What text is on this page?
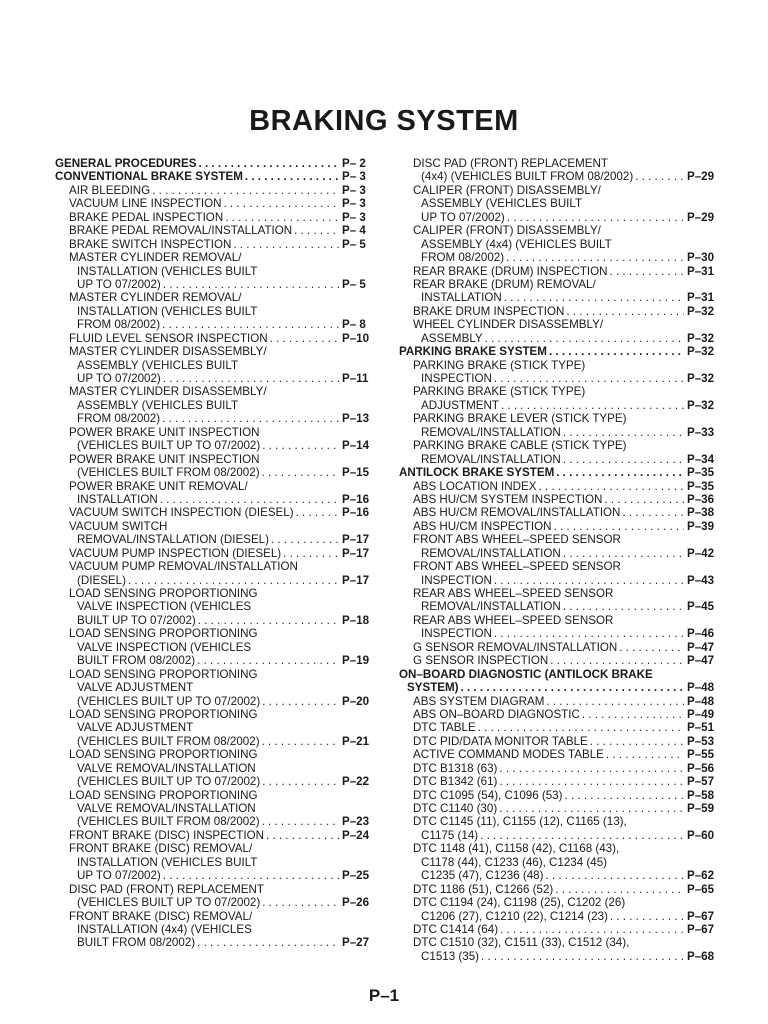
BRAKING SYSTEM
GENERAL PROCEDURES . . .	P– 2
CONVENTIONAL BRAKE SYSTEM . . .	P– 3
AIR BLEEDING . . .	P– 3
VACUUM LINE INSPECTION . . .	P– 3
BRAKE PEDAL INSPECTION . . .	P– 3
BRAKE PEDAL REMOVAL/INSTALLATION . . .	P– 4
BRAKE SWITCH INSPECTION . . .	P– 5
MASTER CYLINDER REMOVAL/
INSTALLATION (VEHICLES BUILT
UP TO 07/2002) . . .	P– 5
MASTER CYLINDER REMOVAL/
INSTALLATION (VEHICLES BUILT
FROM 08/2002) . . .	P– 8
FLUID LEVEL SENSOR INSPECTION . . .	P–10
MASTER CYLINDER DISASSEMBLY/
ASSEMBLY (VEHICLES BUILT
UP TO 07/2002) . . .	P–11
MASTER CYLINDER DISASSEMBLY/
ASSEMBLY (VEHICLES BUILT
FROM 08/2002) . . .	P–13
POWER BRAKE UNIT INSPECTION
(VEHICLES BUILT UP TO 07/2002) . . .	P–14
POWER BRAKE UNIT INSPECTION
(VEHICLES BUILT FROM 08/2002) . . .	P–15
POWER BRAKE UNIT REMOVAL/
INSTALLATION . . .	P–16
VACUUM SWITCH INSPECTION (DIESEL) . . .	P–16
VACUUM SWITCH
REMOVAL/INSTALLATION (DIESEL) . . .	P–17
VACUUM PUMP INSPECTION (DIESEL) . . .	P–17
VACUUM PUMP REMOVAL/INSTALLATION
(DIESEL) . . .	P–17
LOAD SENSING PROPORTIONING
VALVE INSPECTION (VEHICLES
BUILT UP TO 07/2002) . . .	P–18
LOAD SENSING PROPORTIONING
VALVE INSPECTION (VEHICLES
BUILT FROM 08/2002) . . .	P–19
LOAD SENSING PROPORTIONING
VALVE ADJUSTMENT
(VEHICLES BUILT UP TO 07/2002) . . .	P–20
LOAD SENSING PROPORTIONING
VALVE ADJUSTMENT
(VEHICLES BUILT FROM 08/2002) . . .	P–21
LOAD SENSING PROPORTIONING
VALVE REMOVAL/INSTALLATION
(VEHICLES BUILT UP TO 07/2002) . . .	P–22
LOAD SENSING PROPORTIONING
VALVE REMOVAL/INSTALLATION
(VEHICLES BUILT FROM 08/2002) . . .	P–23
FRONT BRAKE (DISC) INSPECTION . . .	P–24
FRONT BRAKE (DISC) REMOVAL/
INSTALLATION (VEHICLES BUILT
UP TO 07/2002) . . .	P–25
DISC PAD (FRONT) REPLACEMENT
(VEHICLES BUILT UP TO 07/2002) . . .	P–26
FRONT BRAKE (DISC) REMOVAL/
INSTALLATION (4x4) (VEHICLES
BUILT FROM 08/2002) . . .	P–27
DISC PAD (FRONT) REPLACEMENT
(4x4) (VEHICLES BUILT FROM 08/2002) . . .	P–29
CALIPER (FRONT) DISASSEMBLY/
ASSEMBLY (VEHICLES BUILT
UP TO 07/2002) . . .	P–29
CALIPER (FRONT) DISASSEMBLY/
ASSEMBLY (4x4) (VEHICLES BUILT
FROM 08/2002) . . .	P–30
REAR BRAKE (DRUM) INSPECTION . . .	P–31
REAR BRAKE (DRUM) REMOVAL/
INSTALLATION . . .	P–31
BRAKE DRUM INSPECTION . . .	P–32
WHEEL CYLINDER DISASSEMBLY/
ASSEMBLY . . .	P–32
PARKING BRAKE SYSTEM . . .	P–32
PARKING BRAKE (STICK TYPE)
INSPECTION . . .	P–32
PARKING BRAKE (STICK TYPE)
ADJUSTMENT . . .	P–32
PARKING BRAKE LEVER (STICK TYPE)
REMOVAL/INSTALLATION . . .	P–33
PARKING BRAKE CABLE (STICK TYPE)
REMOVAL/INSTALLATION . . .	P–34
ANTILOCK BRAKE SYSTEM . . .	P–35
ABS LOCATION INDEX . . .	P–35
ABS HU/CM SYSTEM INSPECTION . . .	P–36
ABS HU/CM REMOVAL/INSTALLATION . . .	P–38
ABS HU/CM INSPECTION . . .	P–39
FRONT ABS WHEEL–SPEED SENSOR
REMOVAL/INSTALLATION . . .	P–42
FRONT ABS WHEEL–SPEED SENSOR
INSPECTION . . .	P–43
REAR ABS WHEEL–SPEED SENSOR
REMOVAL/INSTALLATION . . .	P–45
REAR ABS WHEEL–SPEED SENSOR
INSPECTION . . .	P–46
G SENSOR REMOVAL/INSTALLATION . . .	P–47
G SENSOR INSPECTION . . .	P–47
ON–BOARD DIAGNOSTIC (ANTILOCK BRAKE
SYSTEM) . . .	P–48
ABS SYSTEM DIAGRAM . . .	P–48
ABS ON–BOARD DIAGNOSTIC . . .	P–49
DTC TABLE . . .	P–51
DTC PID/DATA MONITOR TABLE . . .	P–53
ACTIVE COMMAND MODES TABLE . . .	P–55
DTC B1318 (63) . . .	P–56
DTC B1342 (61) . . .	P–57
DTC C1095 (54), C1096 (53) . . .	P–58
DTC C1140 (30) . . .	P–59
DTC C1145 (11), C1155 (12), C1165 (13),
C1175 (14) . . .	P–60
DTC 1148 (41), C1158 (42), C1168 (43),
C1178 (44), C1233 (46), C1234 (45)
C1235 (47), C1236 (48) . . .	P–62
DTC 1186 (51), C1266 (52) . . .	P–65
DTC C1194 (24), C1198 (25), C1202 (26)
C1206 (27), C1210 (22), C1214 (23) . . .	P–67
DTC C1414 (64) . . .	P–67
DTC C1510 (32), C1511 (33), C1512 (34),
C1513 (35) . . .	P–68
P–1
